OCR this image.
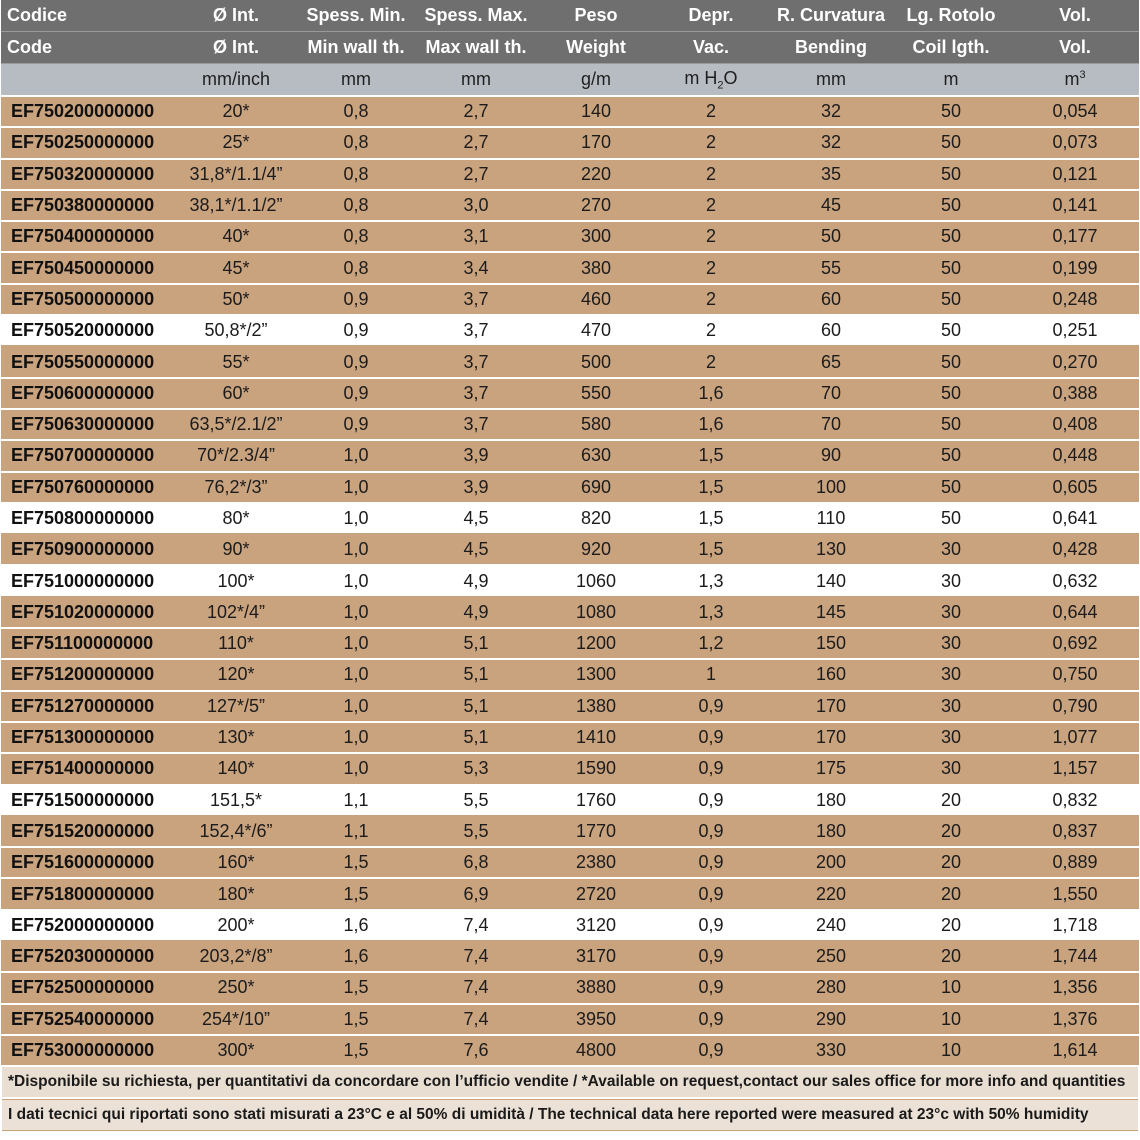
Codice	Ø Int.	Spess. Min.	Spess. Max.	Peso	Depr.	R. Curvatura	Lg. Rotolo	Vol.
Code	Ø Int.	Min wall th.	Max wall th.	Weight	Vac.	Bending	Coil lgth.	Vol.
	mm/inch	mm	mm	g/m	m $H_2O$	mm	m	$m^3$
EF750200000000	20*	0,8	2,7	140	2	32	50	0,054
EF750250000000	25*	0,8	2,7	170	2	32	50	0,073
EF750320000000	31,8*/1.1/4”	0,8	2,7	220	2	35	50	0,121
EF750380000000	38,1*/1.1/2”	0,8	3,0	270	2	45	50	0,141
EF750400000000	40*	0,8	3,1	300	2	50	50	0,177
EF750450000000	45*	0,8	3,4	380	2	55	50	0,199
EF750500000000	50*	0,9	3,7	460	2	60	50	0,248
EF750520000000	50,8*/2”	0,9	3,7	470	2	60	50	0,251
EF750550000000	55*	0,9	3,7	500	2	65	50	0,270
EF750600000000	60*	0,9	3,7	550	1,6	70	50	0,388
EF750630000000	63,5*/2.1/2”	0,9	3,7	580	1,6	70	50	0,408
EF750700000000	70*/2.3/4”	1,0	3,9	630	1,5	90	50	0,448
EF750760000000	76,2*/3”	1,0	3,9	690	1,5	100	50	0,605
EF750800000000	80*	1,0	4,5	820	1,5	110	50	0,641
EF750900000000	90*	1,0	4,5	920	1,5	130	30	0,428
EF751000000000	100*	1,0	4,9	1060	1,3	140	30	0,632
EF751020000000	102*/4”	1,0	4,9	1080	1,3	145	30	0,644
EF751100000000	110*	1,0	5,1	1200	1,2	150	30	0,692
EF751200000000	120*	1,0	5,1	1300	1	160	30	0,750
EF751270000000	127*/5”	1,0	5,1	1380	0,9	170	30	0,790
EF751300000000	130*	1,0	5,1	1410	0,9	170	30	1,077
EF751400000000	140*	1,0	5,3	1590	0,9	175	30	1,157
EF751500000000	151,5*	1,1	5,5	1760	0,9	180	20	0,832
EF751520000000	152,4*/6”	1,1	5,5	1770	0,9	180	20	0,837
EF751600000000	160*	1,5	6,8	2380	0,9	200	20	0,889
EF751800000000	180*	1,5	6,9	2720	0,9	220	20	1,550
EF752000000000	200*	1,6	7,4	3120	0,9	240	20	1,718
EF752030000000	203,2*/8”	1,6	7,4	3170	0,9	250	20	1,744
EF752500000000	250*	1,5	7,4	3880	0,9	280	10	1,356
EF752540000000	254*/10”	1,5	7,4	3950	0,9	290	10	1,376
EF753000000000	300*	1,5	7,6	4800	0,9	330	10	1,614
*Disponibile su richiesta, per quantitativi da concordare con l’ufficio vendite / *Available on request,contact our sales office for more info and quantities
I dati tecnici qui riportati sono stati misurati a 23°C e al 50% di umidità / The technical data here reported were measured at 23°c with 50% humidity
